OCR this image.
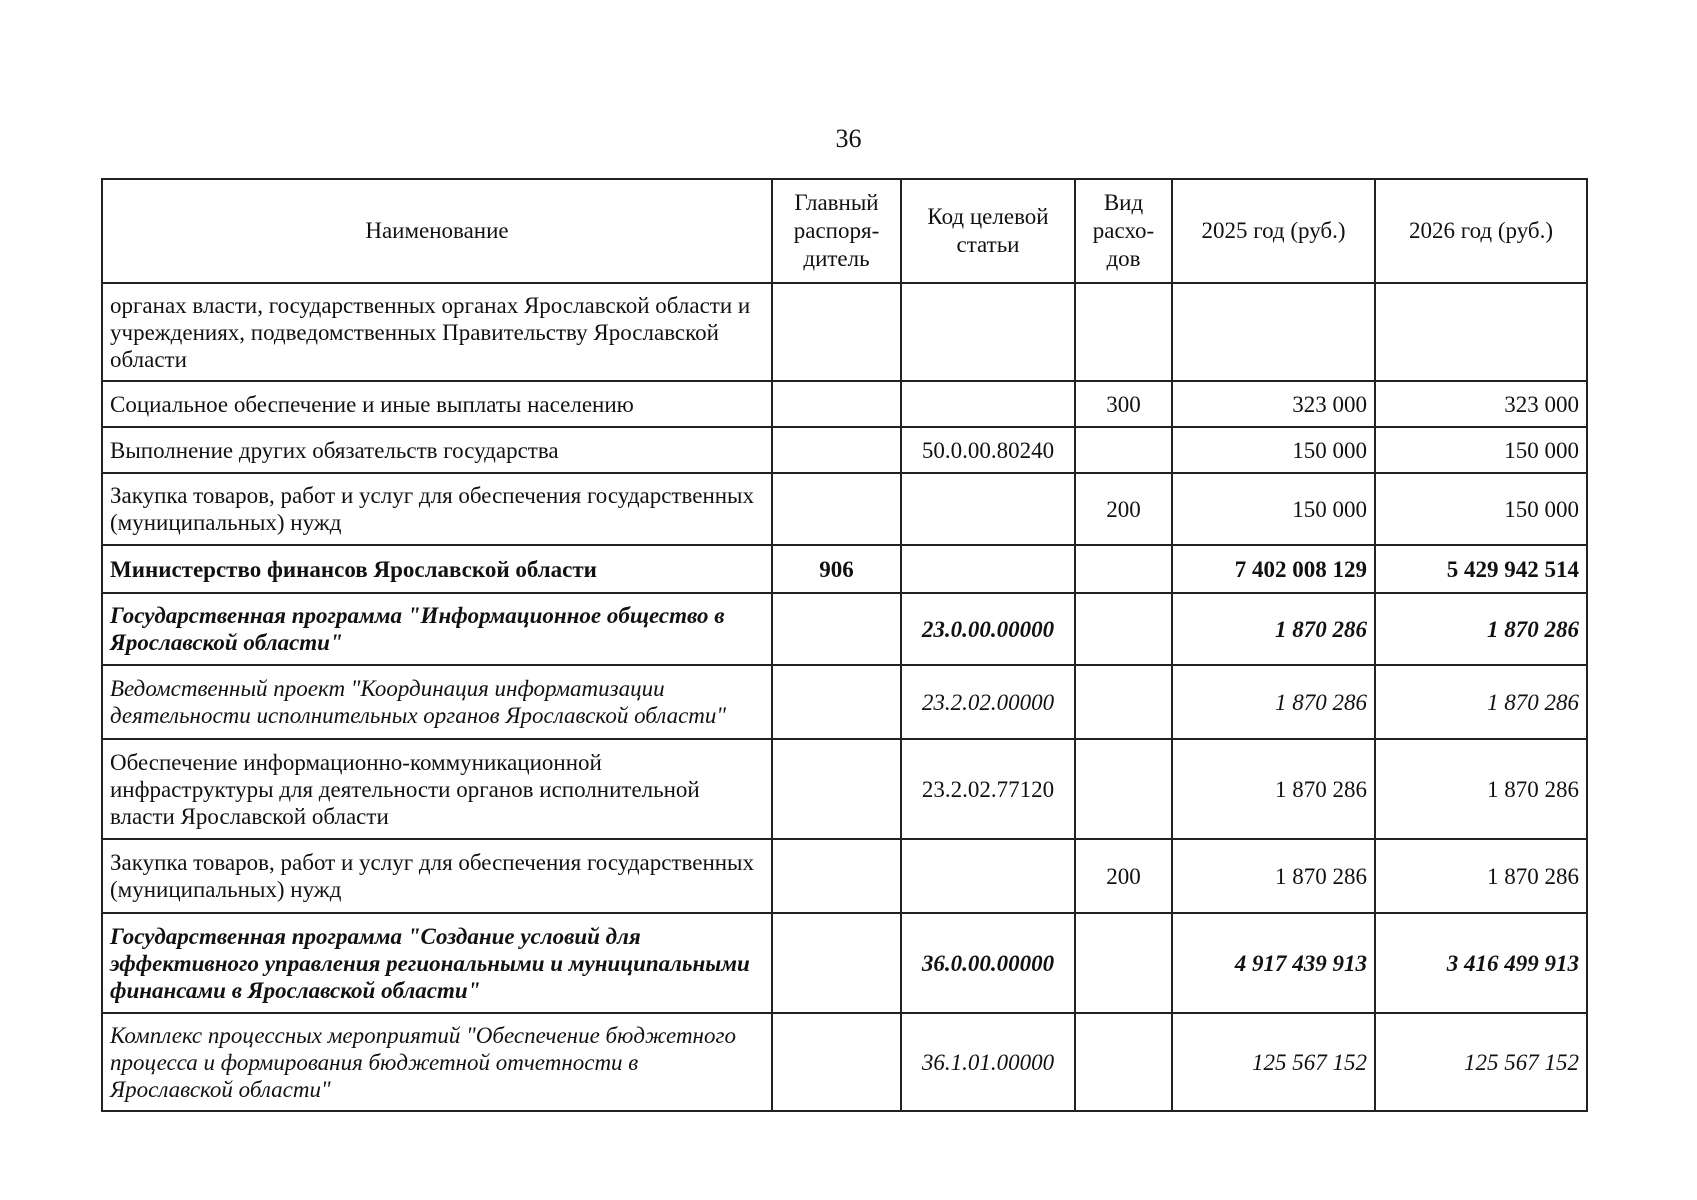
36
Наименование	Главный распоря-дитель	Код целевой статьи	Вид расхо-дов	2025 год (руб.)	2026 год (руб.)
органах власти, государственных органах Ярославской области и учреждениях, подведомственных Правительству Ярославской области					
Социальное обеспечение и иные выплаты населению			300	323 000	323 000
Выполнение других обязательств государства		50.0.00.80240		150 000	150 000
Закупка товаров, работ и услуг для обеспечения государственных (муниципальных) нужд			200	150 000	150 000
Министерство финансов Ярославской области	906			7 402 008 129	5 429 942 514
Государственная программа "Информационное общество в Ярославской области"		23.0.00.00000		1 870 286	1 870 286
Ведомственный проект "Координация информатизации деятельности исполнительных органов Ярославской области"		23.2.02.00000		1 870 286	1 870 286
Обеспечение информационно-коммуникационной инфраструктуры для деятельности органов исполнительной власти Ярославской области		23.2.02.77120		1 870 286	1 870 286
Закупка товаров, работ и услуг для обеспечения государственных (муниципальных) нужд			200	1 870 286	1 870 286
Государственная программа "Создание условий для эффективного управления региональными и муниципальными финансами в Ярославской области"		36.0.00.00000		4 917 439 913	3 416 499 913
Комплекс процессных мероприятий "Обеспечение бюджетного процесса и формирования бюджетной отчетности в Ярославской области"		36.1.01.00000		125 567 152	125 567 152
